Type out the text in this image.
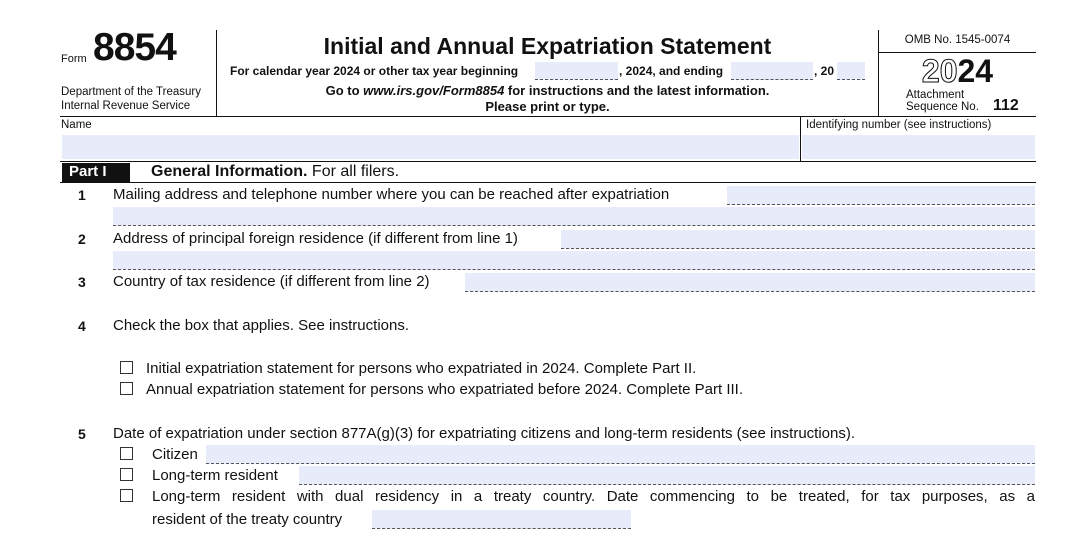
Form 8854
Department of the Treasury
Internal Revenue Service
Initial and Annual Expatriation Statement
For calendar year 2024 or other tax year beginning	, 2024, and ending	, 20
Go to www.irs.gov/Form8854 for instructions and the latest information.
Please print or type.
OMB No. 1545-0074
2024
Attachment
Sequence No. 112
Name	Identifying number (see instructions)
Part I	General Information. For all filers.
1 Mailing address and telephone number where you can be reached after expatriation
2 Address of principal foreign residence (if different from line 1)
3 Country of tax residence (if different from line 2)
4 Check the box that applies. See instructions.
Initial expatriation statement for persons who expatriated in 2024. Complete Part II.
Annual expatriation statement for persons who expatriated before 2024. Complete Part III.
5 Date of expatriation under section 877A(g)(3) for expatriating citizens and long-term residents (see instructions).
Citizen
Long-term resident
Long-term resident with dual residency in a treaty country. Date commencing to be treated, for tax purposes, as a
resident of the treaty country
